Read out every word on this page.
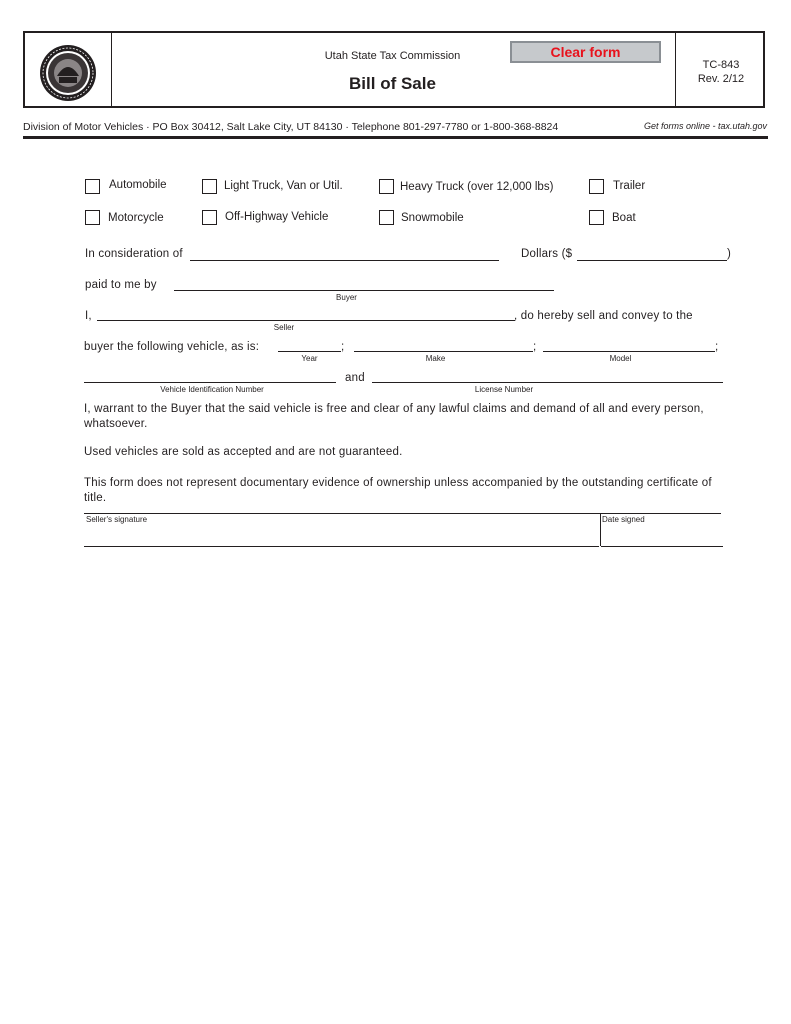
Utah State Tax Commission
Bill of Sale
Clear form
TC-843
Rev. 2/12
Division of Motor Vehicles · PO Box 30412, Salt Lake City, UT 84130 · Telephone 801-297-7780 or 1-800-368-8824	Get forms online - tax.utah.gov
Automobile	Light Truck, Van or Util.	Heavy Truck (over 12,000 lbs)	Trailer
Motorcycle	Off-Highway Vehicle	Snowmobile	Boat
In consideration of	Dollars ($	)
paid to me by
Buyer
I,	, do hereby sell and convey to the
Seller
buyer the following vehicle, as is:	;
Year
;
Make
;
Model
Vehicle Identification Number
and
License Number
I, warrant to the Buyer that the said vehicle is free and clear of any lawful claims and demand of all and every person, whatsoever.
Used vehicles are sold as accepted and are not guaranteed.
This form does not represent documentary evidence of ownership unless accompanied by the outstanding certificate of title.
Seller's signature	Date signed
